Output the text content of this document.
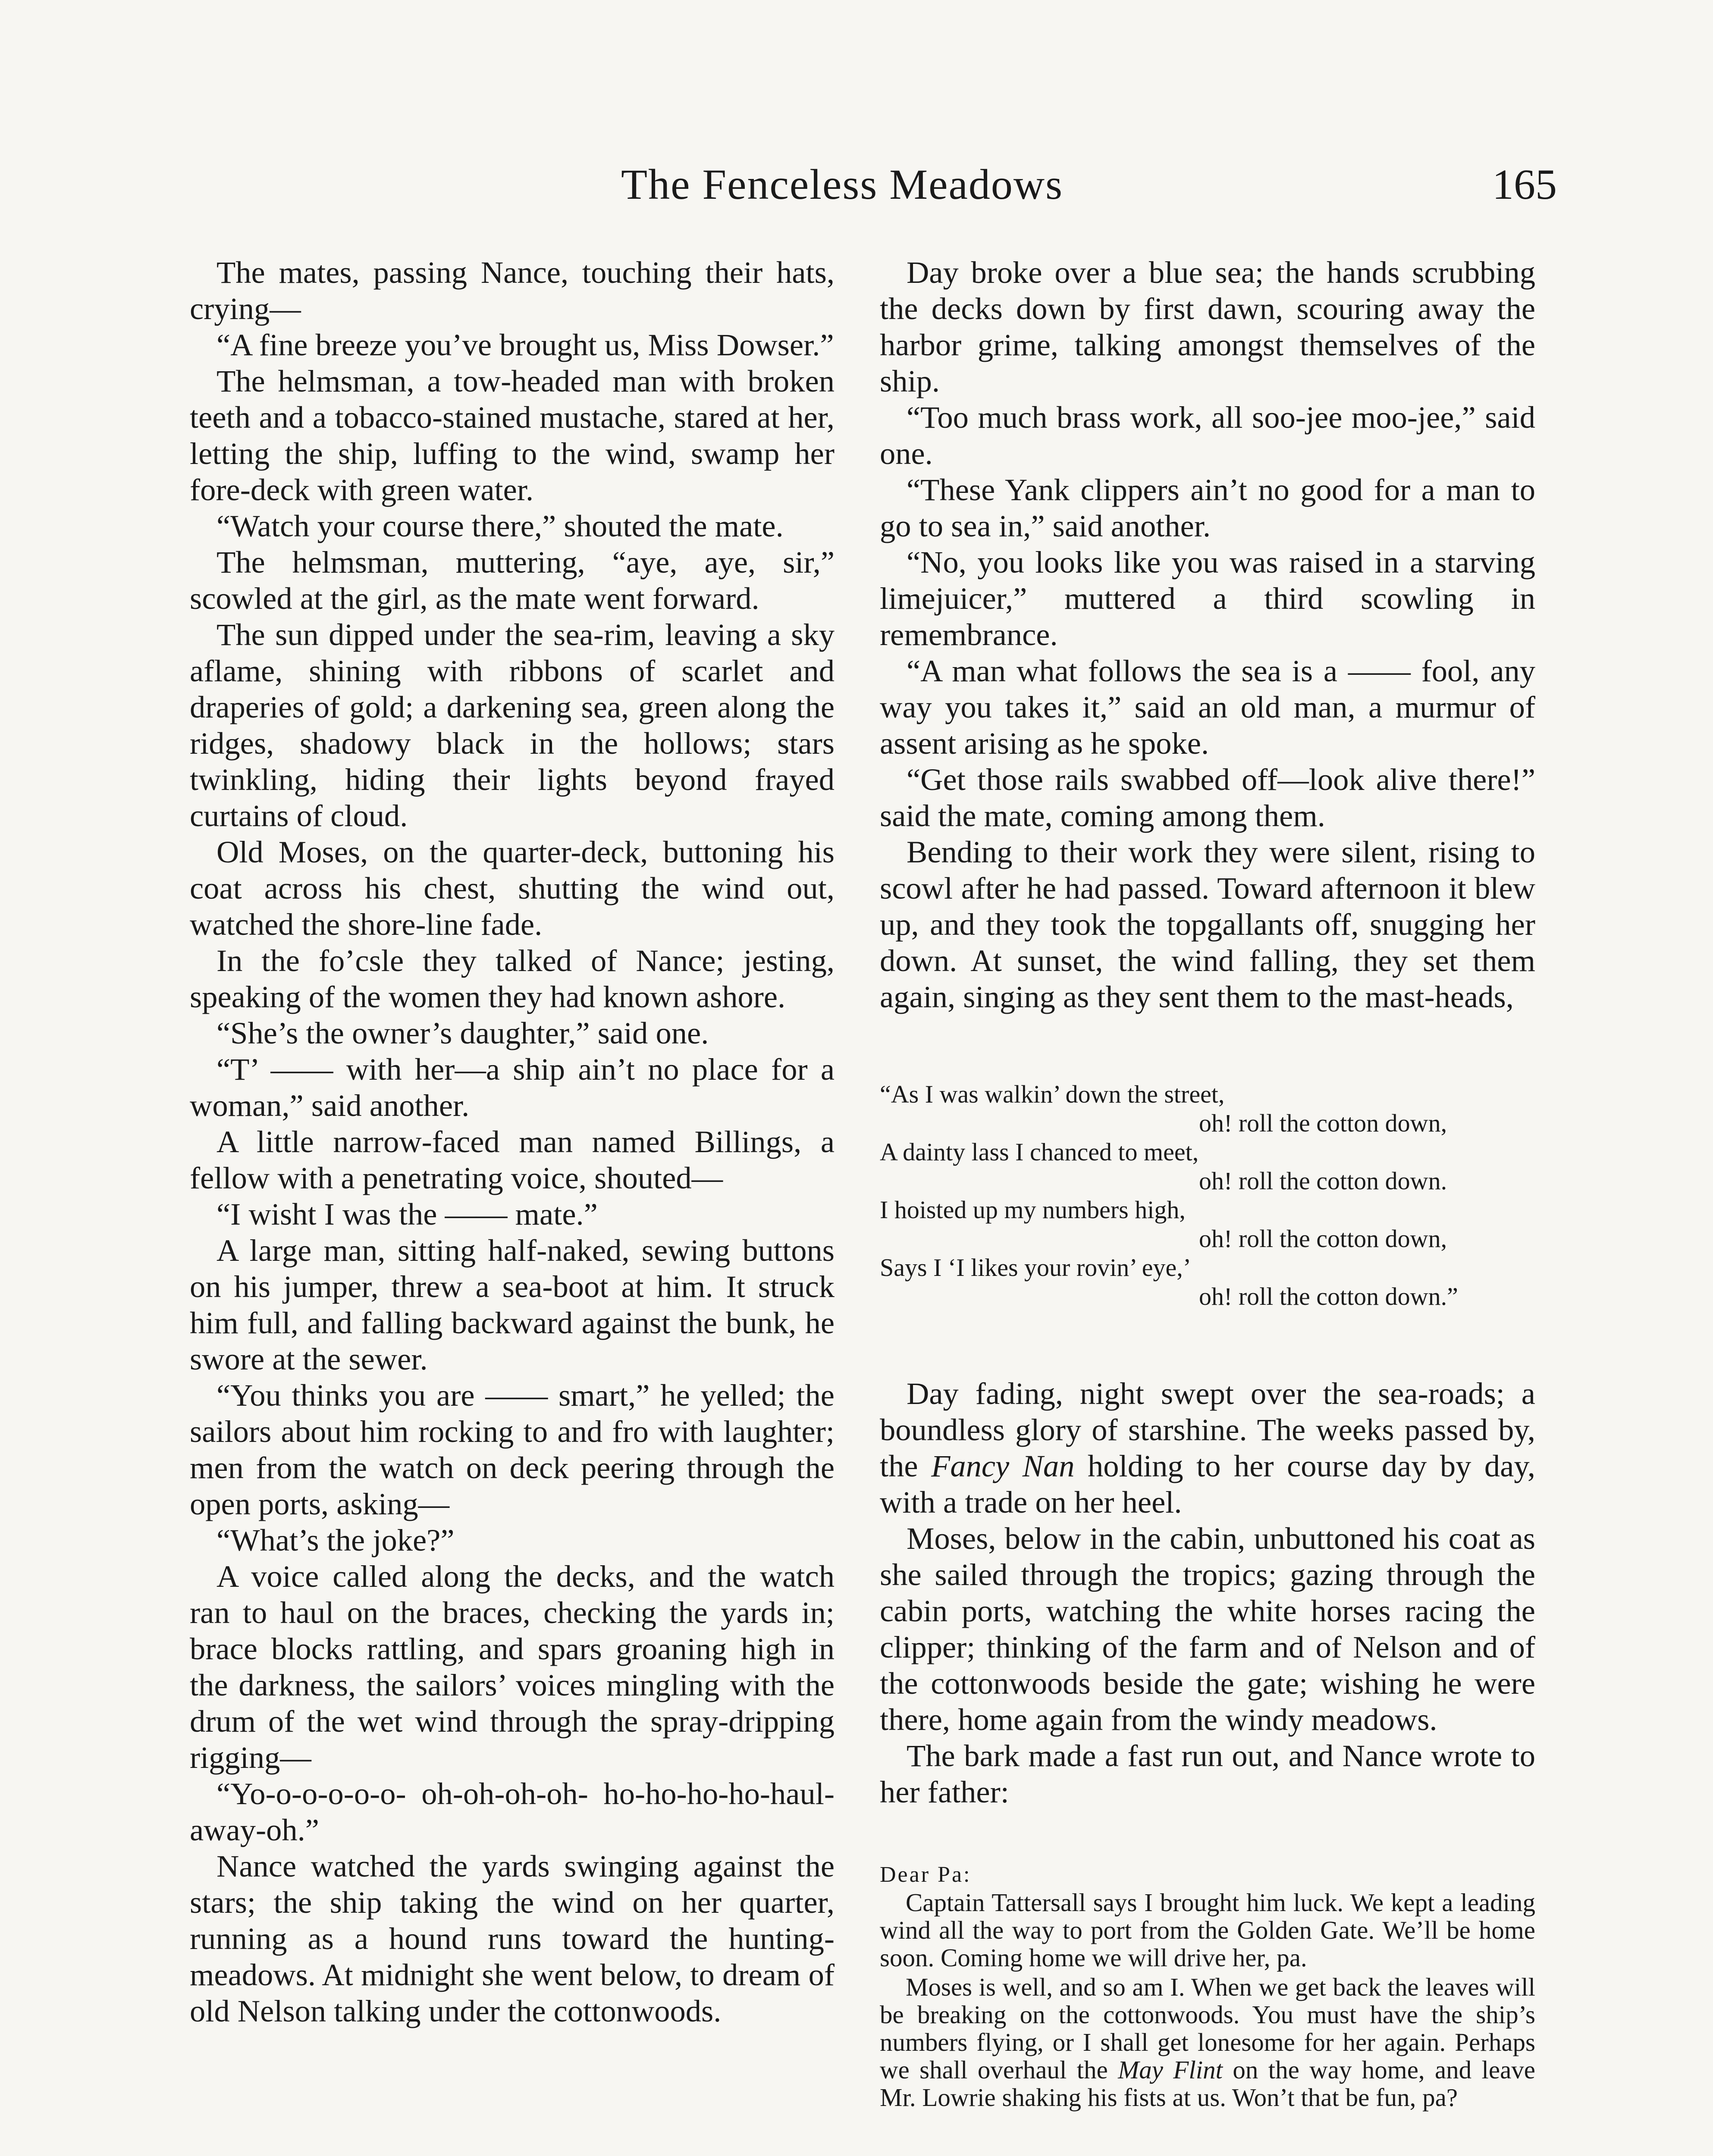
The Fenceless Meadows	165

The mates, passing Nance, touching their hats, crying—

“A fine breeze you’ve brought us, Miss Dowser.”

The helmsman, a tow-headed man with broken teeth and a tobacco-stained mustache, stared at her, letting the ship, luffing to the wind, swamp her fore-deck with green water.

“Watch your course there,” shouted the mate.

The helmsman, muttering, “aye, aye, sir,” scowled at the girl, as the mate went forward.

The sun dipped under the sea-rim, leaving a sky aflame, shining with ribbons of scarlet and draperies of gold; a darkening sea, green along the ridges, shadowy black in the hollows; stars twinkling, hiding their lights beyond frayed curtains of cloud.

Old Moses, on the quarter-deck, buttoning his coat across his chest, shutting the wind out, watched the shore-line fade.

In the fo’csle they talked of Nance; jesting, speaking of the women they had known ashore.

“She’s the owner’s daughter,” said one.

“T’ —— with her—a ship ain’t no place for a woman,” said another.

A little narrow-faced man named Billings, a fellow with a penetrating voice, shouted—

“I wisht I was the —— mate.”

A large man, sitting half-naked, sewing buttons on his jumper, threw a sea-boot at him. It struck him full, and falling backward against the bunk, he swore at the sewer.

“You thinks you are —— smart,” he yelled; the sailors about him rocking to and fro with laughter; men from the watch on deck peering through the open ports, asking—

“What’s the joke?”

A voice called along the decks, and the watch ran to haul on the braces, checking the yards in; brace blocks rattling, and spars groaning high in the darkness, the sailors’ voices mingling with the drum of the wet wind through the spray-dripping rigging—

“Yo-o-o-o-o-o- oh-oh-oh-oh- ho-ho-ho-ho-haul-away-oh.”

Nance watched the yards swinging against the stars; the ship taking the wind on her quarter, running as a hound runs toward the hunting-meadows. At midnight she went below, to dream of old Nelson talking under the cottonwoods.

Day broke over a blue sea; the hands scrubbing the decks down by first dawn, scouring away the harbor grime, talking amongst themselves of the ship.

“Too much brass work, all soo-jee moo-jee,” said one.

“These Yank clippers ain’t no good for a man to go to sea in,” said another.

“No, you looks like you was raised in a starving limejuicer,” muttered a third scowling in remembrance.

“A man what follows the sea is a —— fool, any way you takes it,” said an old man, a murmur of assent arising as he spoke.

“Get those rails swabbed off—look alive there!” said the mate, coming among them.

Bending to their work they were silent, rising to scowl after he had passed. Toward afternoon it blew up, and they took the topgallants off, snugging her down. At sunset, the wind falling, they set them again, singing as they sent them to the mast-heads,

“As I was walkin’ down the street,
oh! roll the cotton down,
A dainty lass I chanced to meet,
oh! roll the cotton down.
I hoisted up my numbers high,
oh! roll the cotton down,
Says I ‘I likes your rovin’ eye,’
oh! roll the cotton down.”

Day fading, night swept over the sea-roads; a boundless glory of starshine. The weeks passed by, the Fancy Nan holding to her course day by day, with a trade on her heel.

Moses, below in the cabin, unbuttoned his coat as she sailed through the tropics; gazing through the cabin ports, watching the white horses racing the clipper; thinking of the farm and of Nelson and of the cottonwoods beside the gate; wishing he were there, home again from the windy meadows.

The bark made a fast run out, and Nance wrote to her father:

Dear Pa:

Captain Tattersall says I brought him luck. We kept a leading wind all the way to port from the Golden Gate. We’ll be home soon. Coming home we will drive her, pa.

Moses is well, and so am I. When we get back the leaves will be breaking on the cottonwoods. You must have the ship’s numbers flying, or I shall get lonesome for her again. Perhaps we shall overhaul the May Flint on the way home, and leave Mr. Lowrie shaking his fists at us. Won’t that be fun, pa?
